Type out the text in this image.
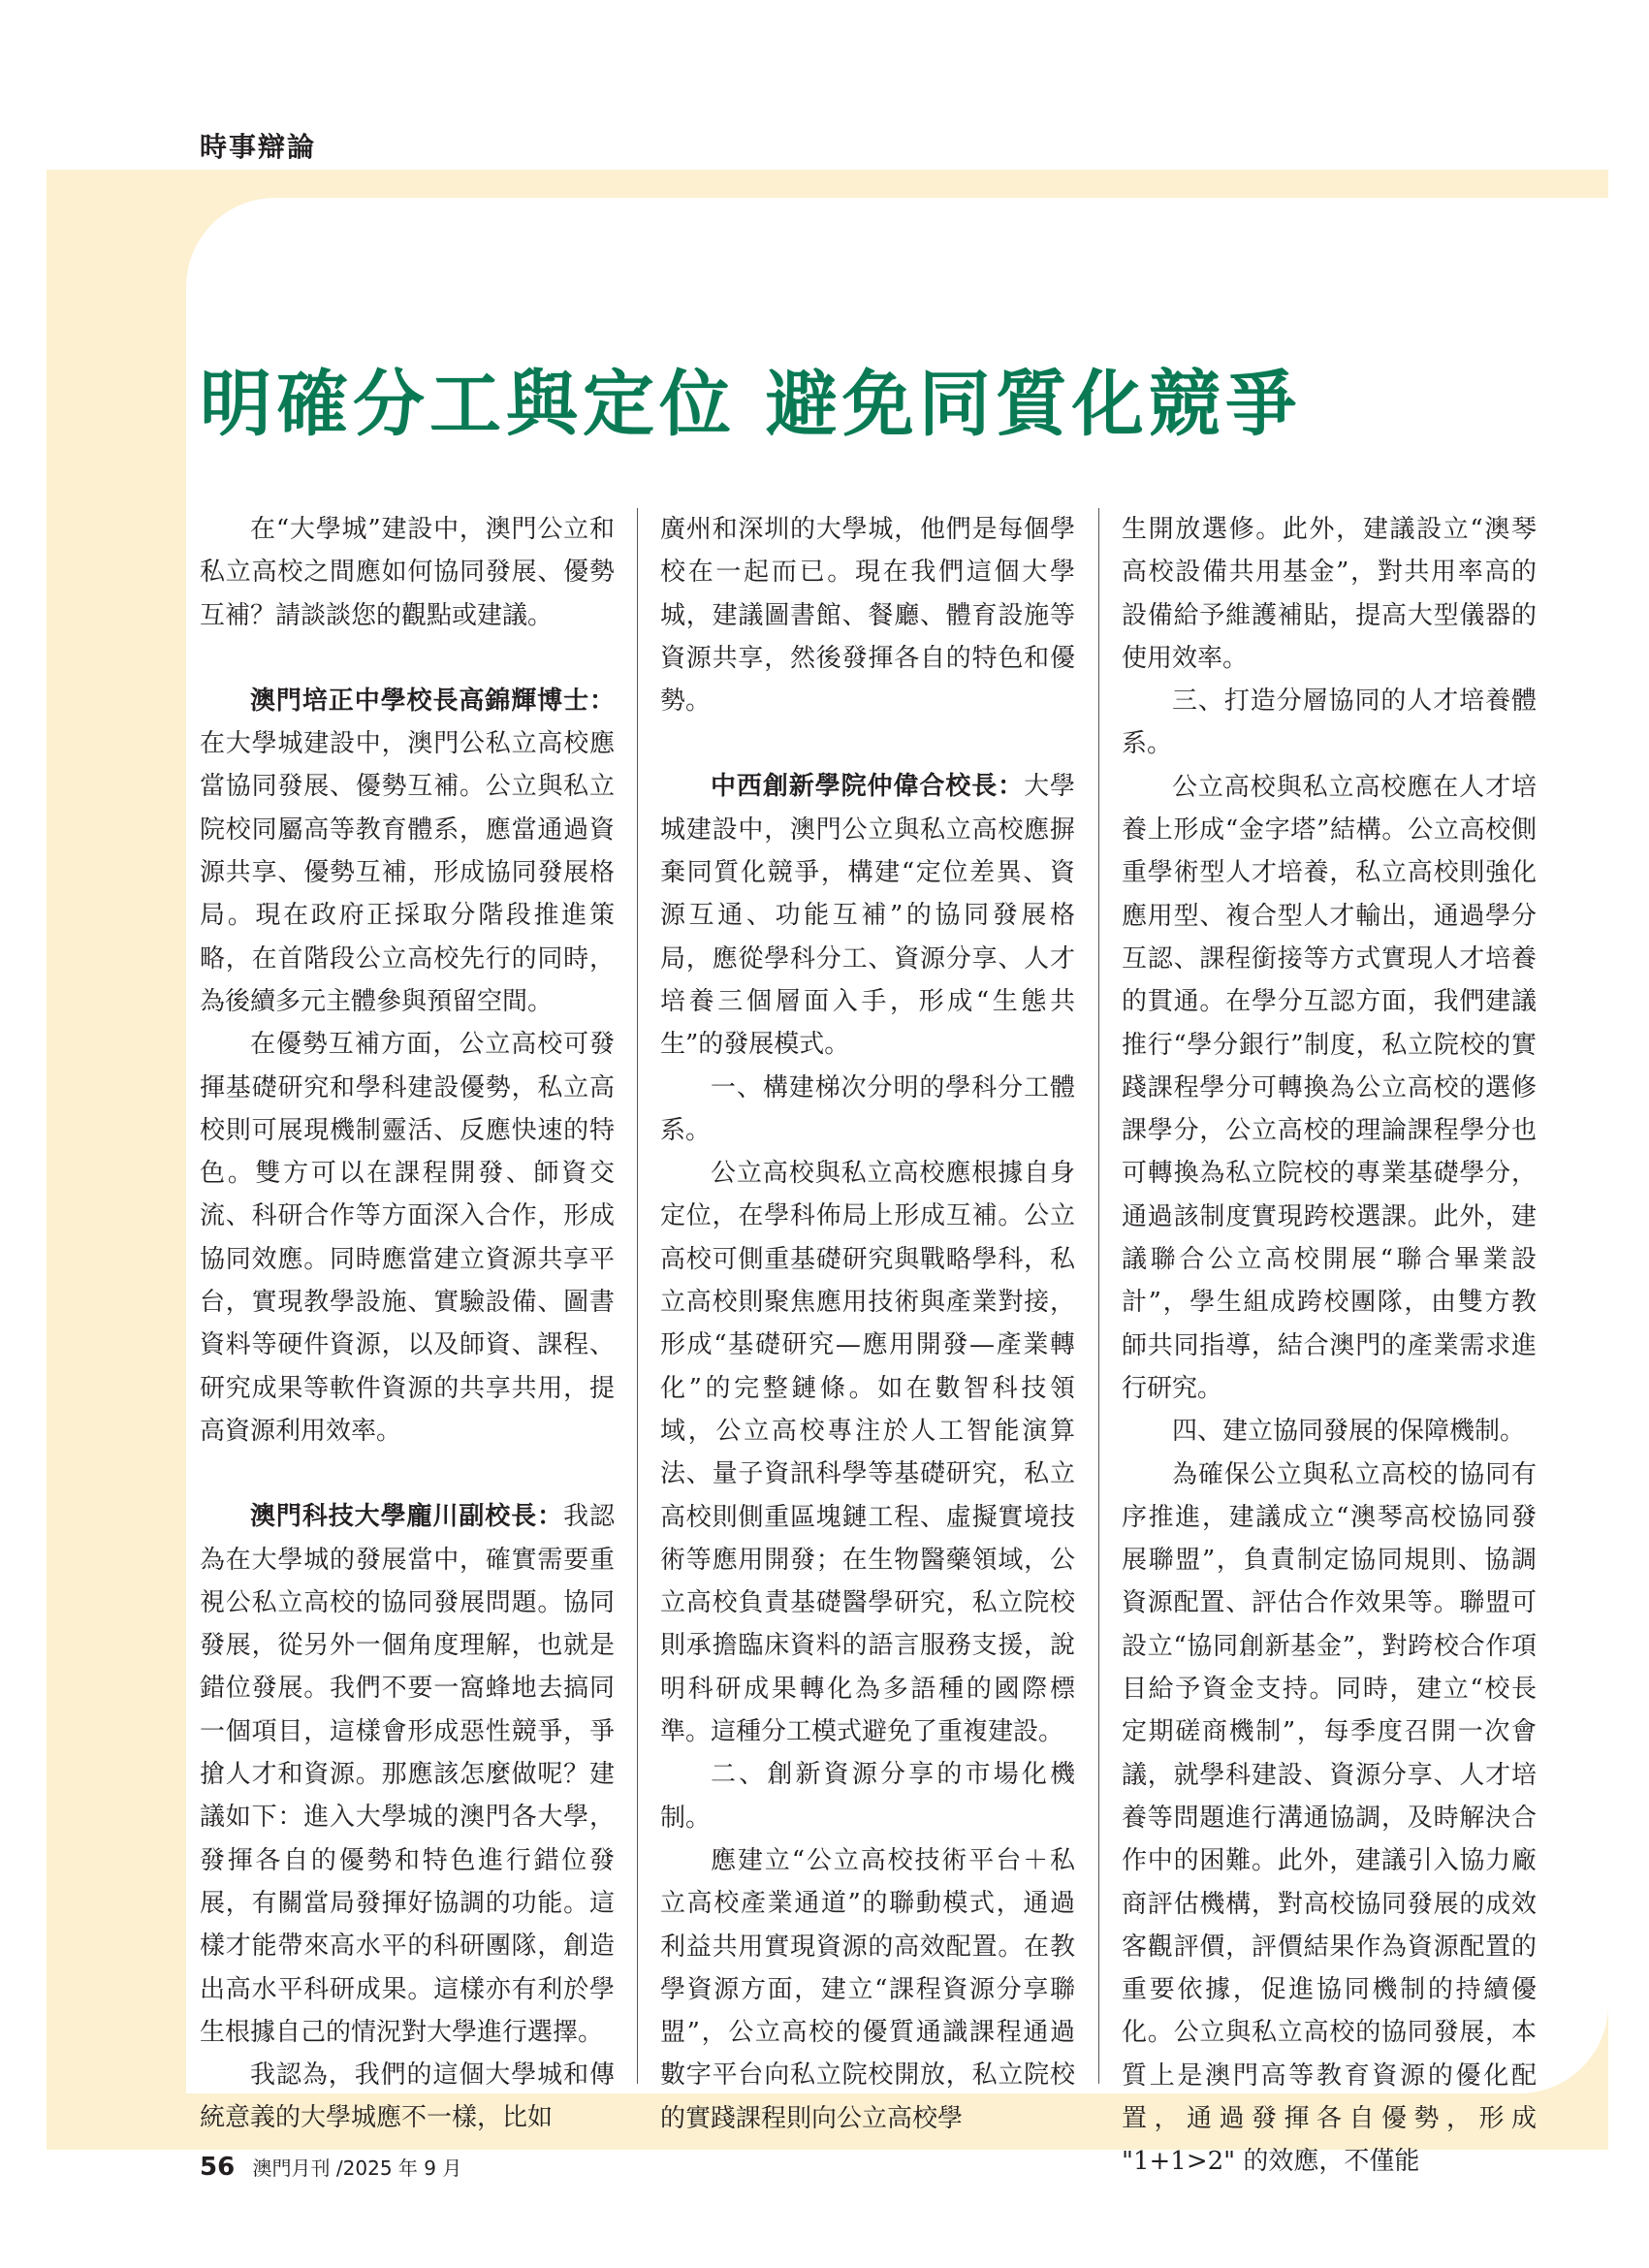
時事辯論
明確分工與定位 避免同質化競爭

在“大學城”建設中，澳門公立和私立高校之間應如何協同發展、優勢互補？請談談您的觀點或建議。

澳門培正中學校長高錦輝博士：在大學城建設中，澳門公私立高校應當協同發展、優勢互補。公立與私立院校同屬高等教育體系，應當通過資源共享、優勢互補，形成協同發展格局。現在政府正採取分階段推進策略，在首階段公立高校先行的同時，為後續多元主體參與預留空間。

在優勢互補方面，公立高校可發揮基礎研究和學科建設優勢，私立高校則可展現機制靈活、反應快速的特色。雙方可以在課程開發、師資交流、科研合作等方面深入合作，形成協同效應。同時應當建立資源共享平台，實現教學設施、實驗設備、圖書資料等硬件資源，以及師資、課程、研究成果等軟件資源的共享共用，提高資源利用效率。

澳門科技大學龐川副校長：我認為在大學城的發展當中，確實需要重視公私立高校的協同發展問題。協同發展，從另外一個角度理解，也就是錯位發展。我們不要一窩蜂地去搞同一個項目，這樣會形成惡性競爭，爭搶人才和資源。那應該怎麼做呢？建議如下：進入大學城的澳門各大學，發揮各自的優勢和特色進行錯位發展，有關當局發揮好協調的功能。這樣才能帶來高水平的科研團隊，創造出高水平科研成果。這樣亦有利於學生根據自己的情況對大學進行選擇。

我認為，我們的這個大學城和傳統意義的大學城應不一樣，比如

廣州和深圳的大學城，他們是每個學校在一起而已。現在我們這個大學城，建議圖書館、餐廳、體育設施等資源共享，然後發揮各自的特色和優勢。

中西創新學院仲偉合校長：大學城建設中，澳門公立與私立高校應摒棄同質化競爭，構建“定位差異、資源互通、功能互補”的協同發展格局，應從學科分工、資源分享、人才培養三個層面入手，形成“生態共生”的發展模式。

一、構建梯次分明的學科分工體系。

公立高校與私立高校應根據自身定位，在學科佈局上形成互補。公立高校可側重基礎研究與戰略學科，私立高校則聚焦應用技術與產業對接，形成“基礎研究—應用開發—產業轉化”的完整鏈條。如在數智科技領域，公立高校專注於人工智能演算法、量子資訊科學等基礎研究，私立高校則側重區塊鏈工程、虛擬實境技術等應用開發；在生物醫藥領域，公立高校負責基礎醫學研究，私立院校則承擔臨床資料的語言服務支援，說明科研成果轉化為多語種的國際標準。這種分工模式避免了重複建設。

二、創新資源分享的市場化機制。

應建立“公立高校技術平台＋私立高校產業通道”的聯動模式，通過利益共用實現資源的高效配置。在教學資源方面，建立“課程資源分享聯盟”，公立高校的優質通識課程通過數字平台向私立院校開放，私立院校的實踐課程則向公立高校學

生開放選修。此外，建議設立“澳琴高校設備共用基金”，對共用率高的設備給予維護補貼，提高大型儀器的使用效率。

三、打造分層協同的人才培養體系。

公立高校與私立高校應在人才培養上形成“金字塔”結構。公立高校側重學術型人才培養，私立高校則強化應用型、複合型人才輸出，通過學分互認、課程銜接等方式實現人才培養的貫通。在學分互認方面，我們建議推行“學分銀行”制度，私立院校的實踐課程學分可轉換為公立高校的選修課學分，公立高校的理論課程學分也可轉換為私立院校的專業基礎學分，通過該制度實現跨校選課。此外，建議聯合公立高校開展“聯合畢業設計”，學生組成跨校團隊，由雙方教師共同指導，結合澳門的產業需求進行研究。

四、建立協同發展的保障機制。

為確保公立與私立高校的協同有序推進，建議成立“澳琴高校協同發展聯盟”，負責制定協同規則、協調資源配置、評估合作效果等。聯盟可設立“協同創新基金”，對跨校合作項目給予資金支持。同時，建立“校長定期磋商機制”，每季度召開一次會議，就學科建設、資源分享、人才培養等問題進行溝通協調，及時解決合作中的困難。此外，建議引入協力廠商評估機構，對高校協同發展的成效客觀評價，評價結果作為資源配置的重要依據，促進協同機制的持續優化。公立與私立高校的協同發展，本質上是澳門高等教育資源的優化配置，通過發揮各自優勢，形成 "1+1>2" 的效應，不僅能

56 澳門月刊 /2025 年 9 月
